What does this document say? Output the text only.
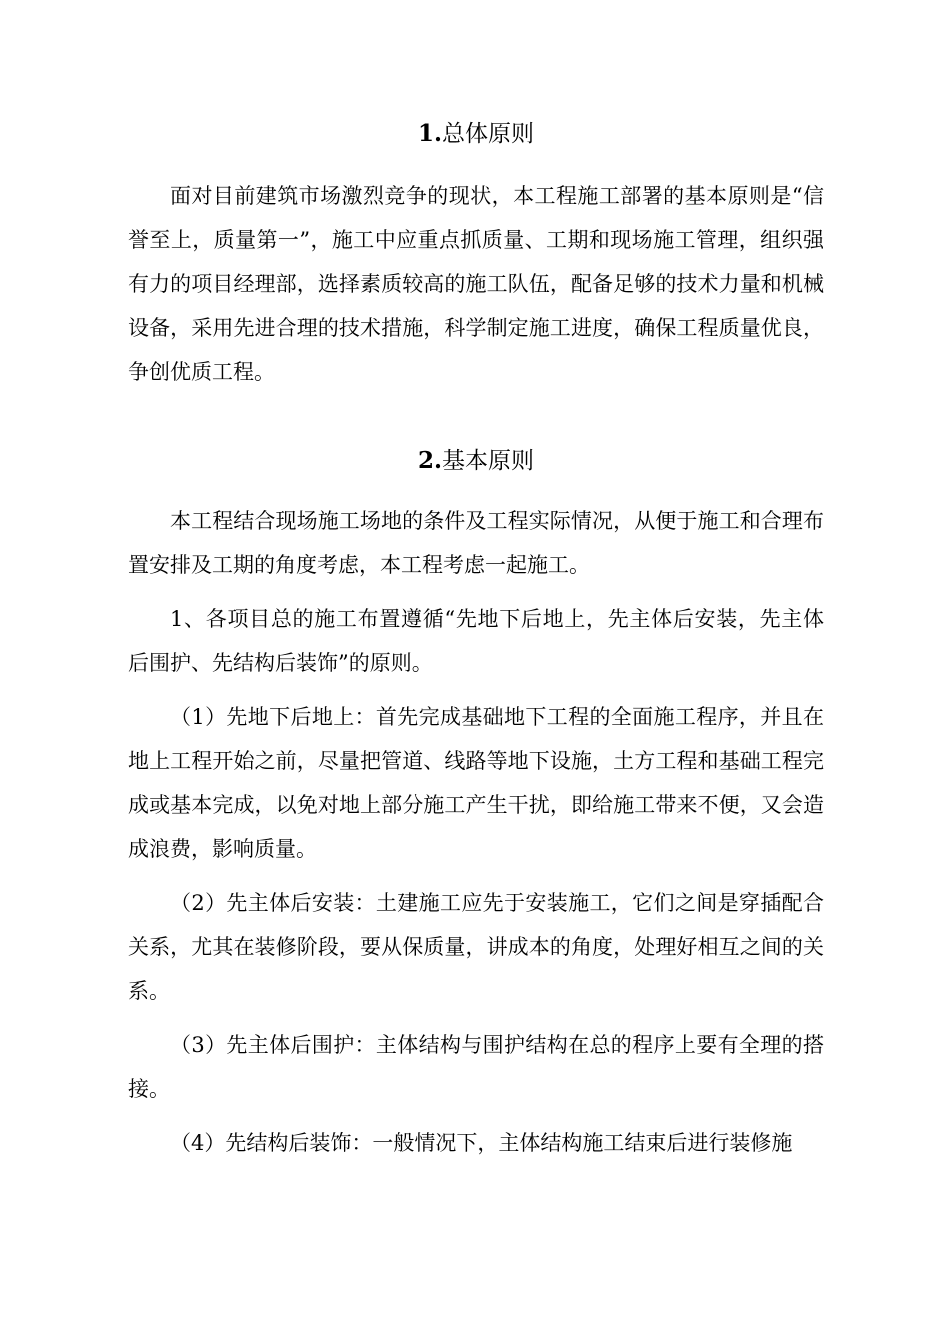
1.总体原则

面对目前建筑市场激烈竞争的现状，本工程施工部署的基本原则是“信誉至上，质量第一”，施工中应重点抓质量、工期和现场施工管理，组织强有力的项目经理部，选择素质较高的施工队伍，配备足够的技术力量和机械设备，采用先进合理的技术措施，科学制定施工进度，确保工程质量优良，争创优质工程。

2.基本原则

本工程结合现场施工场地的条件及工程实际情况，从便于施工和合理布置安排及工期的角度考虑，本工程考虑一起施工。

1、各项目总的施工布置遵循“先地下后地上，先主体后安装，先主体后围护、先结构后装饰”的原则。

（1）先地下后地上：首先完成基础地下工程的全面施工程序，并且在地上工程开始之前，尽量把管道、线路等地下设施，土方工程和基础工程完成或基本完成，以免对地上部分施工产生干扰，即给施工带来不便，又会造成浪费，影响质量。

（2）先主体后安装：土建施工应先于安装施工，它们之间是穿插配合关系，尤其在装修阶段，要从保质量，讲成本的角度，处理好相互之间的关系。

（3）先主体后围护：主体结构与围护结构在总的程序上要有全理的搭接。

（4）先结构后装饰：一般情况下，主体结构施工结束后进行装修施
